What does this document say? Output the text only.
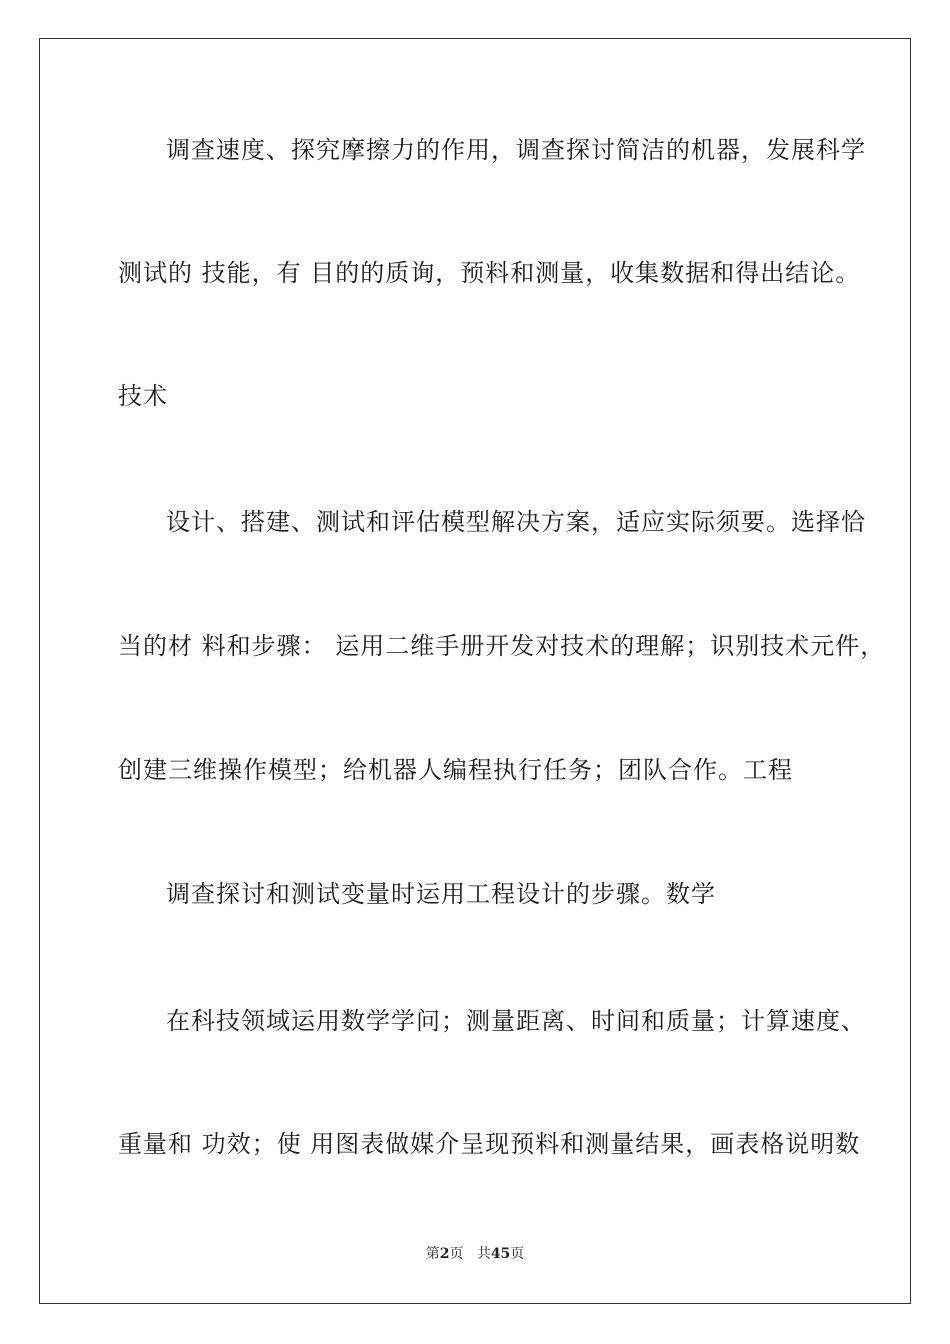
调查速度、探究摩擦力的作用，调查探讨简洁的机器，发展科学
测试的 技能，有 目的的质询，预料和测量，收集数据和得出结论。
技术
设计、搭建、测试和评估模型解决方案，适应实际须要。选择恰
当的材 料和步骤： 运用二维手册开发对技术的理解；识别技术元件，
创建三维操作模型；给机器人编程执行任务；团队合作。工程
调查探讨和测试变量时运用工程设计的步骤。数学
在科技领域运用数学学问；测量距离、时间和质量；计算速度、
重量和 功效；使 用图表做媒介呈现预料和测量结果，画表格说明数
第2页 共45页
